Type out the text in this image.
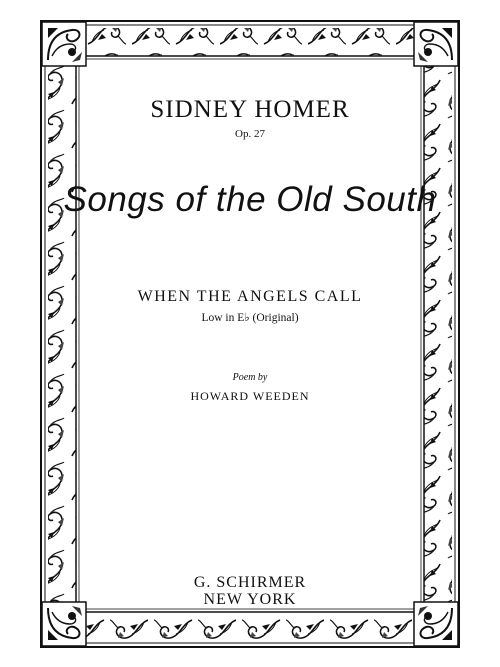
SIDNEY HOMER
Op. 27
Songs of the Old South
WHEN THE ANGELS CALL
Low in E♭ (Original)
Poem by
HOWARD WEEDEN
G. SCHIRMER
NEW YORK
